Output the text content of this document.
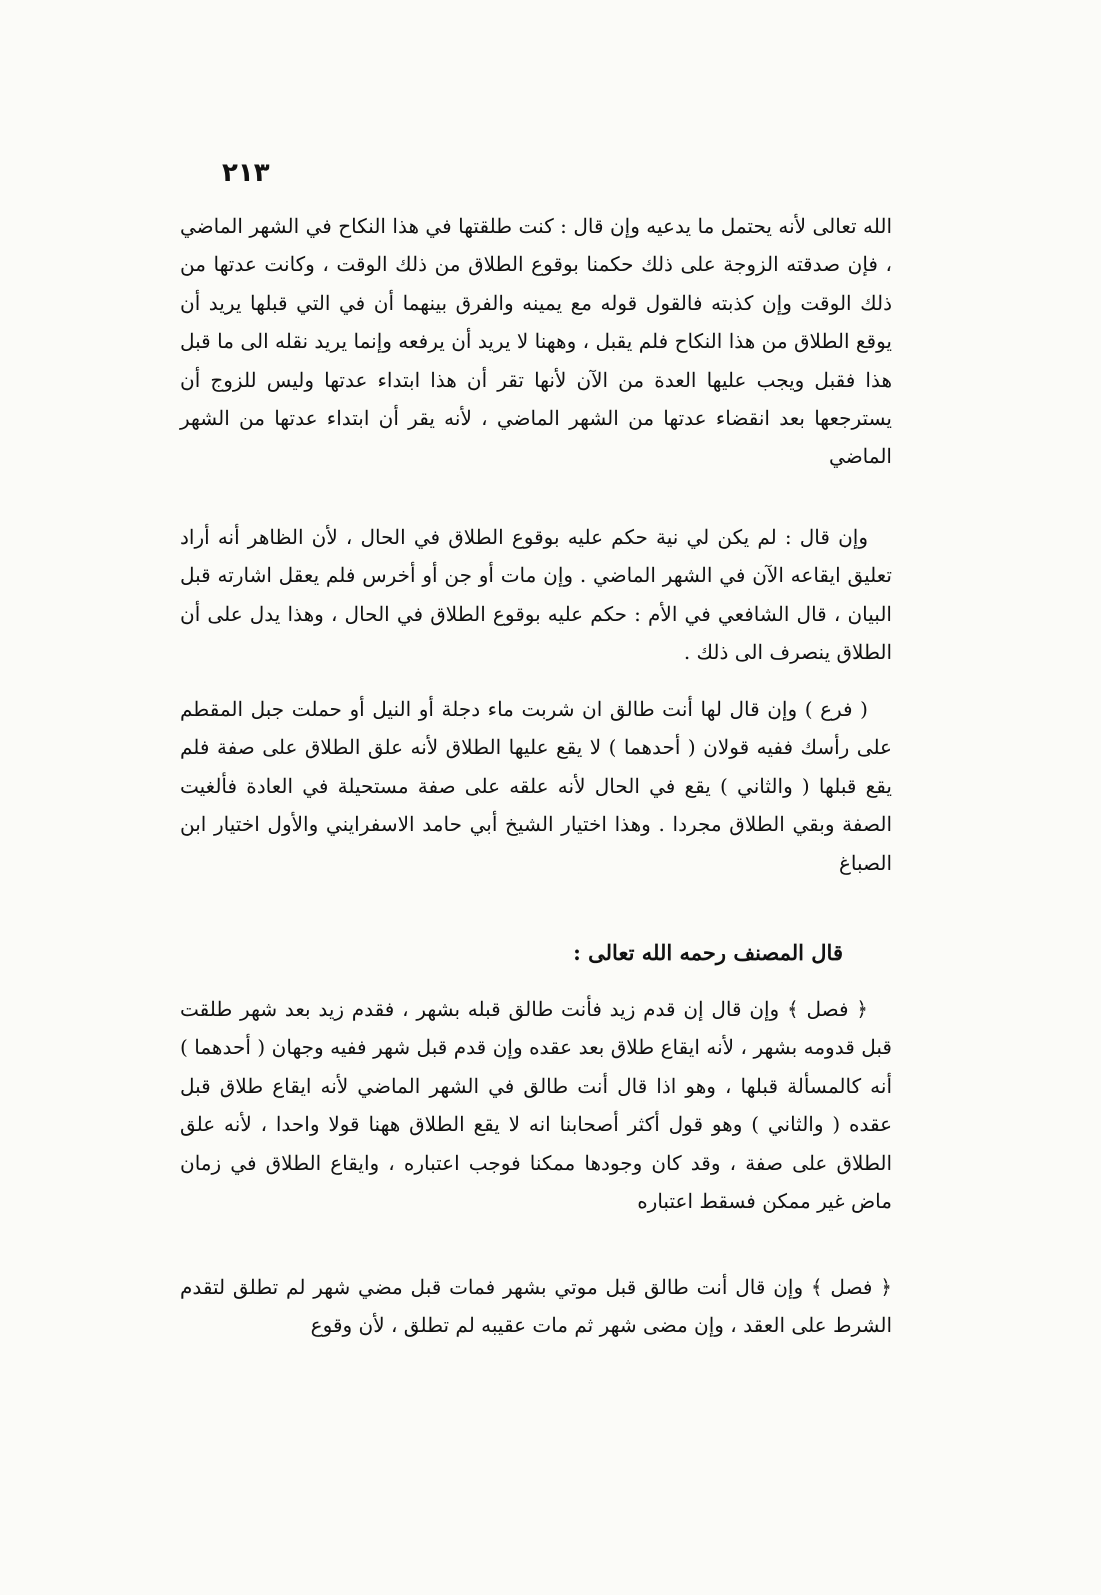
٢١٣

الله تعالى لأنه يحتمل ما يدعيه وإن قال : كنت طلقتها في هذا النكاح في الشهر الماضي ، فإن صدقته الزوجة على ذلك حكمنا بوقوع الطلاق من ذلك الوقت ، وكانت عدتها من ذلك الوقت وإن كذبته فالقول قوله مع يمينه والفرق بينهما أن في التي قبلها يريد أن يوقع الطلاق من هذا النكاح فلم يقبل ، وههنا لا يريد أن يرفعه وإنما يريد نقله الى ما قبل هذا فقبل ويجب عليها العدة من الآن لأنها تقر أن هذا ابتداء عدتها وليس للزوج أن يسترجعها بعد انقضاء عدتها من الشهر الماضي ، لأنه يقر أن ابتداء عدتها من الشهر الماضي

وإن قال : لم يكن لي نية حكم عليه بوقوع الطلاق في الحال ، لأن الظاهر أنه أراد تعليق ايقاعه الآن في الشهر الماضي . وإن مات أو جن أو أخرس فلم يعقل اشارته قبل البيان ، قال الشافعي في الأم : حكم عليه بوقوع الطلاق في الحال ، وهذا يدل على أن الطلاق ينصرف الى ذلك .

( فرع ) وإن قال لها أنت طالق ان شربت ماء دجلة أو النيل أو حملت جبل المقطم على رأسك ففيه قولان ( أحدهما ) لا يقع عليها الطلاق لأنه علق الطلاق على صفة فلم يقع قبلها ( والثاني ) يقع في الحال لأنه علقه على صفة مستحيلة في العادة فألغيت الصفة وبقي الطلاق مجردا . وهذا اختيار الشيخ أبي حامد الاسفرايني والأول اختيار ابن الصباغ

قال المصنف رحمه الله تعالى :

﴿ فصل ﴾ وإن قال إن قدم زيد فأنت طالق قبله بشهر ، فقدم زيد بعد شهر طلقت قبل قدومه بشهر ، لأنه ايقاع طلاق بعد عقده وإن قدم قبل شهر ففيه وجهان ( أحدهما ) أنه كالمسألة قبلها ، وهو اذا قال أنت طالق في الشهر الماضي لأنه ايقاع طلاق قبل عقده ( والثاني ) وهو قول أكثر أصحابنا انه لا يقع الطلاق ههنا قولا واحدا ، لأنه علق الطلاق على صفة ، وقد كان وجودها ممكنا فوجب اعتباره ، وايقاع الطلاق في زمان ماض غير ممكن فسقط اعتباره

﴿ فصل ﴾ وإن قال أنت طالق قبل موتي بشهر فمات قبل مضي شهر لم تطلق لتقدم الشرط على العقد ، وإن مضى شهر ثم مات عقيبه لم تطلق ، لأن وقوع
